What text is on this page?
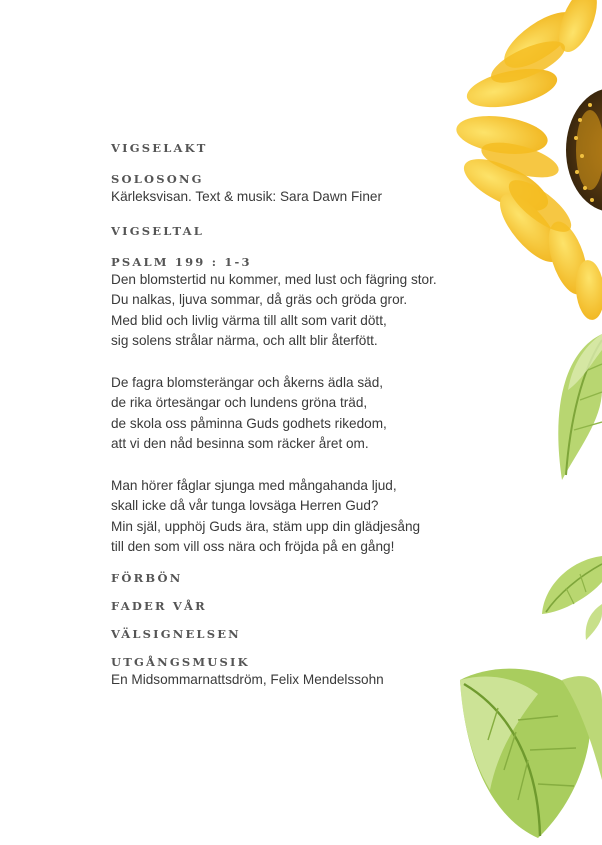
VIGSELAKT
SOLOSONG

Kärleksvisan. Text & musik: Sara Dawn Finer

VIGSELTAL
PSALM 199 : 1-3

Den blomstertid nu kommer, med lust och fägring stor.

Du nalkas, ljuva sommar, då gräs och gröda gror.

Med blid och livlig värma till allt som varit dött,

sig solens strålar närma, och allt blir återfött.

De fagra blomsterängar och åkerns ädla säd,

de rika örtesängar och lundens gröna träd,

de skola oss påminna Guds godhets rikedom,

att vi den nåd besinna som räcker året om.

Man hörer fåglar sjunga med mångahanda ljud,

skall icke då vår tunga lovsäga Herren Gud?

Min själ, upphöj Guds ära, stäm upp din glädjesång

till den som vill oss nära och fröjda på en gång!

FÖRBÖN
FADER VÅR
VÄLSIGNELSEN
UTGÅNGSMUSIK

En Midsommarnattsdröm, Felix Mendelssohn
